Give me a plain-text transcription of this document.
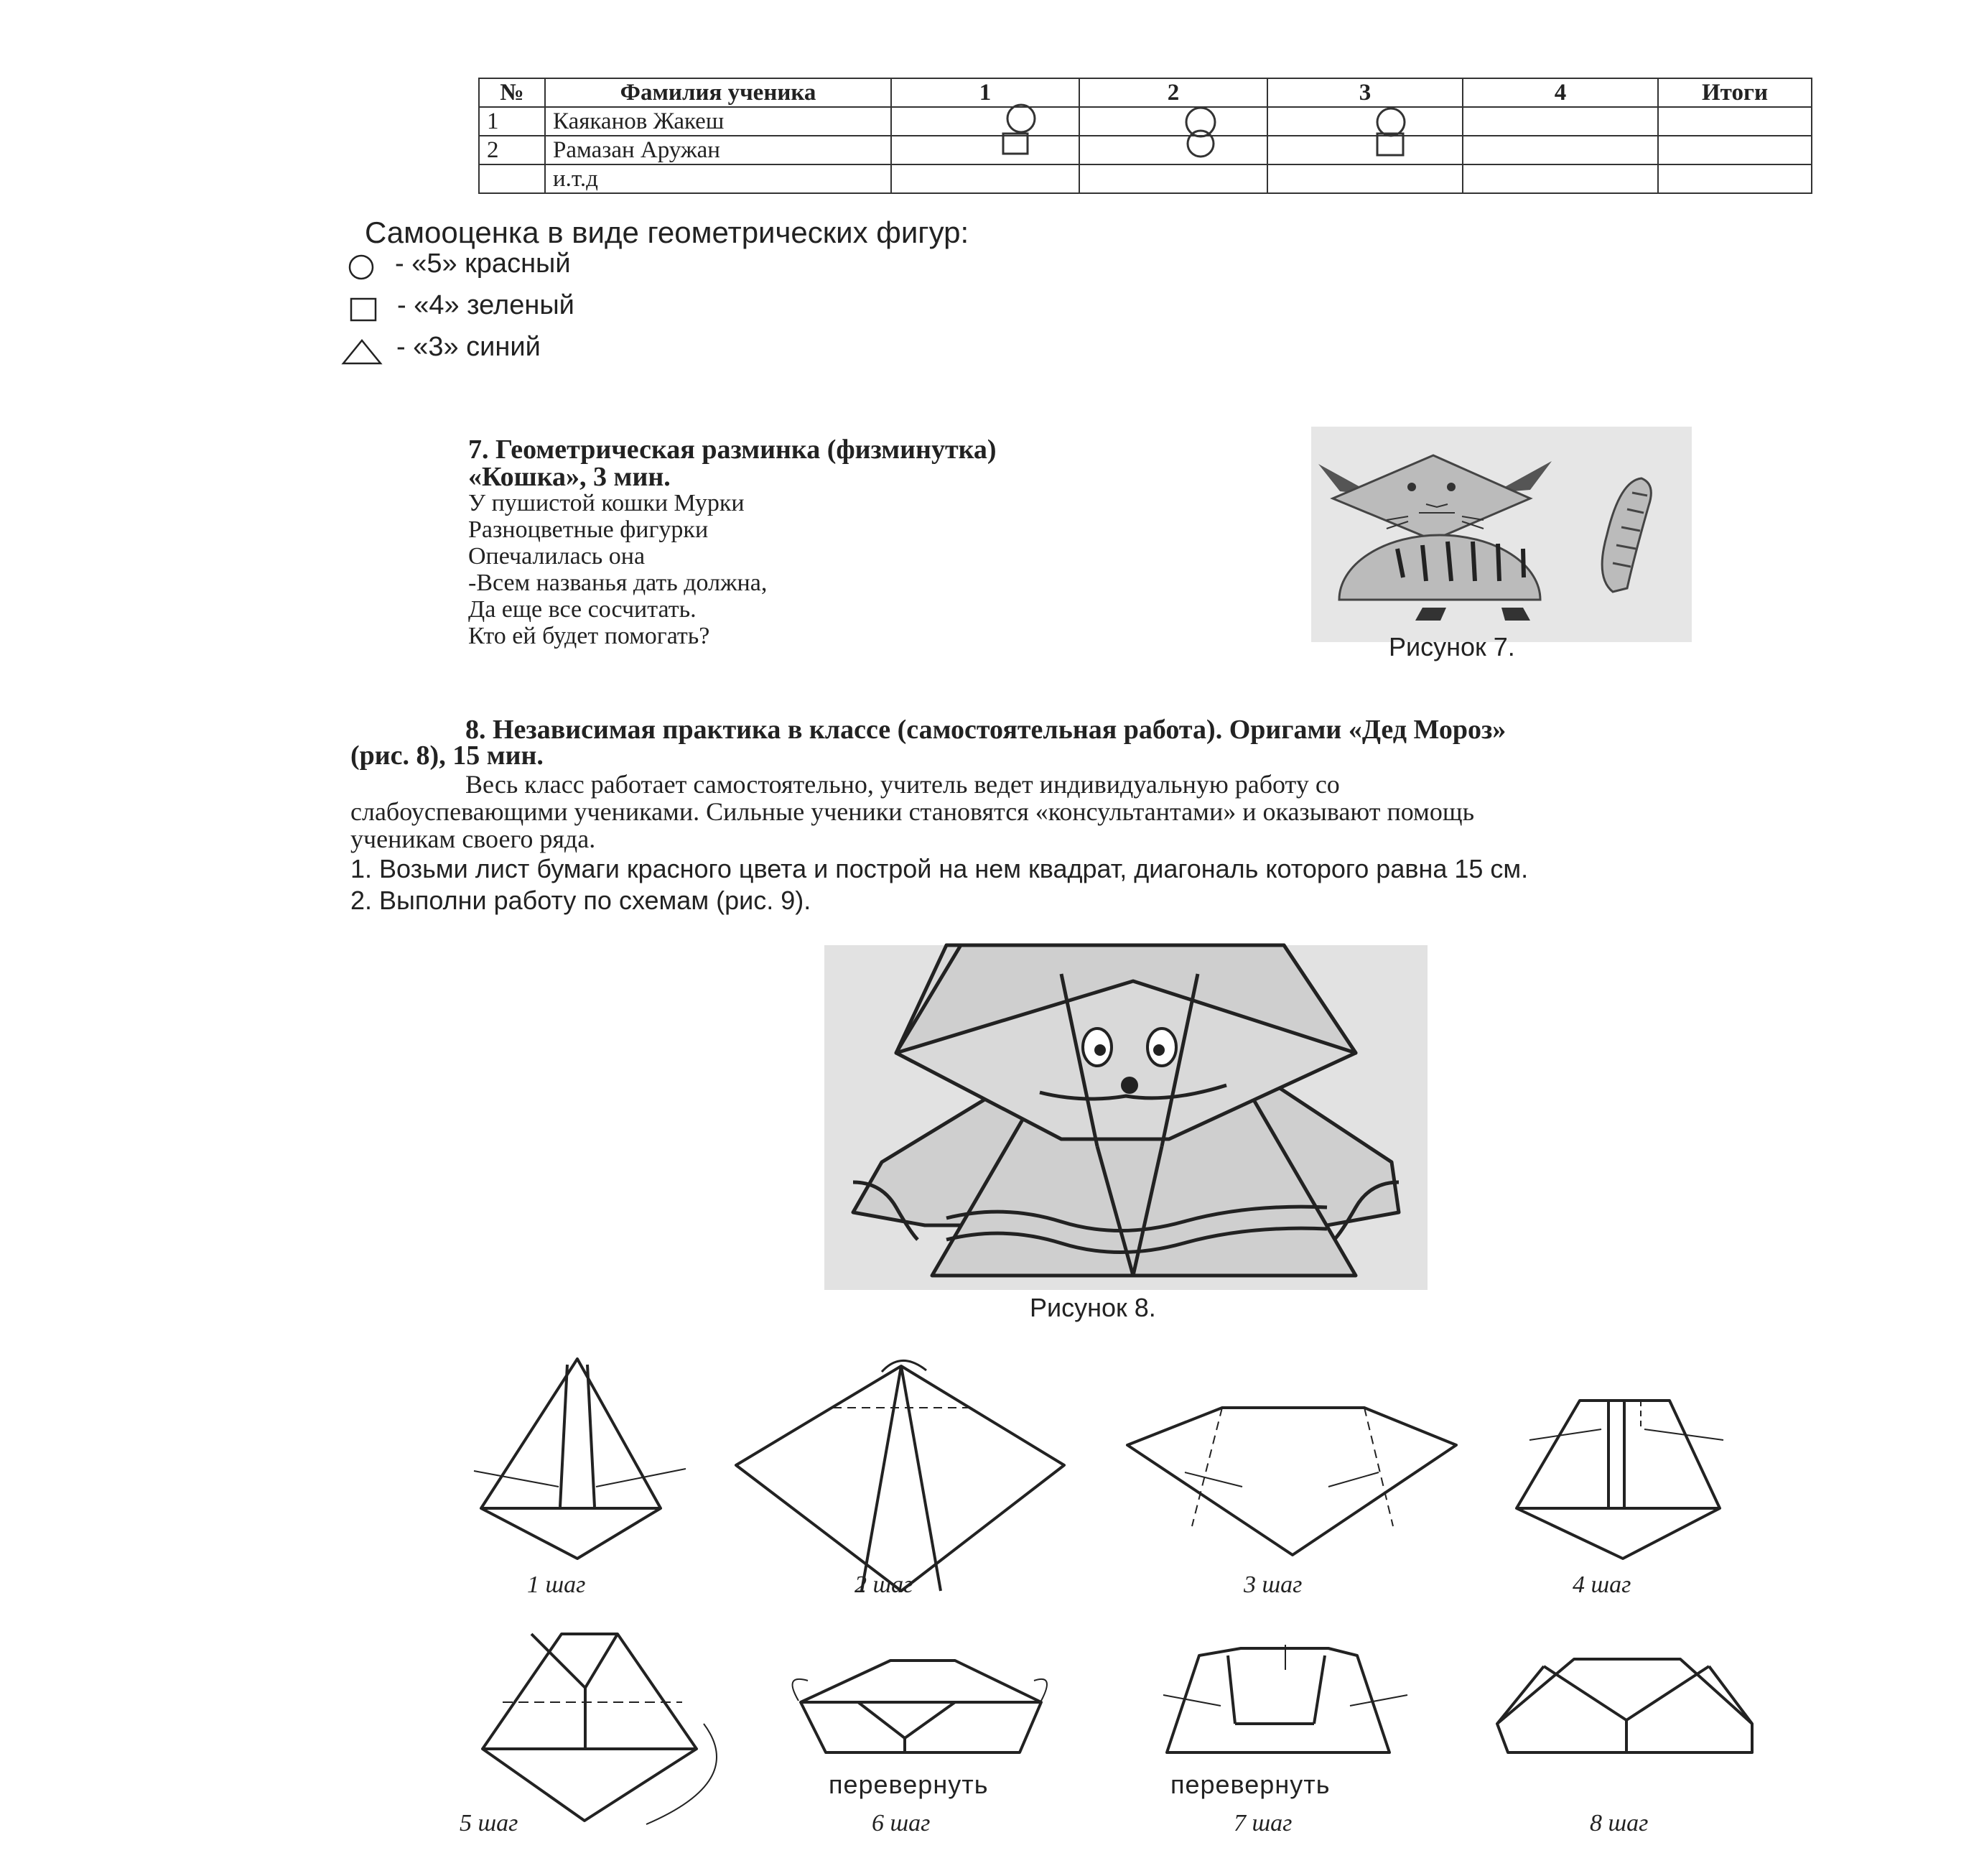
№	Фамилия ученика	1	2	3	4	Итоги
1	Каяканов Жакеш					
2	Рамазан Аружан					
	и.т.д					
Самооценка в виде геометрических фигур:
- «5» красный
- «4» зеленый
- «3» синий
7. Геометрическая разминка (физминутка)
«Кошка», 3 мин.
У пушистой кошки Мурки
Разноцветные фигурки
Опечалилась она
-Всем названья дать должна,
Да еще все сосчитать.
Кто ей будет помогать?	Рисунок 7.
8. Независимая практика в классе (самостоятельная работа). Оригами «Дед Мороз»
(рис. 8), 15 мин.
Весь класс работает самостоятельно, учитель ведет индивидуальную работу со
слабоуспевающими учениками. Сильные ученики становятся «консультантами» и оказывают помощь
ученикам своего ряда.
1. Возьми лист бумаги красного цвета и построй на нем квадрат, диагональ которого равна 15 см.
2. Выполни работу по схемам (рис. 9).
Рисунок 8.
1 шаг	2 шаг	3 шаг	4 шаг
перевернуть	перевернуть
5 шаг	6 шаг	7 шаг	8 шаг
